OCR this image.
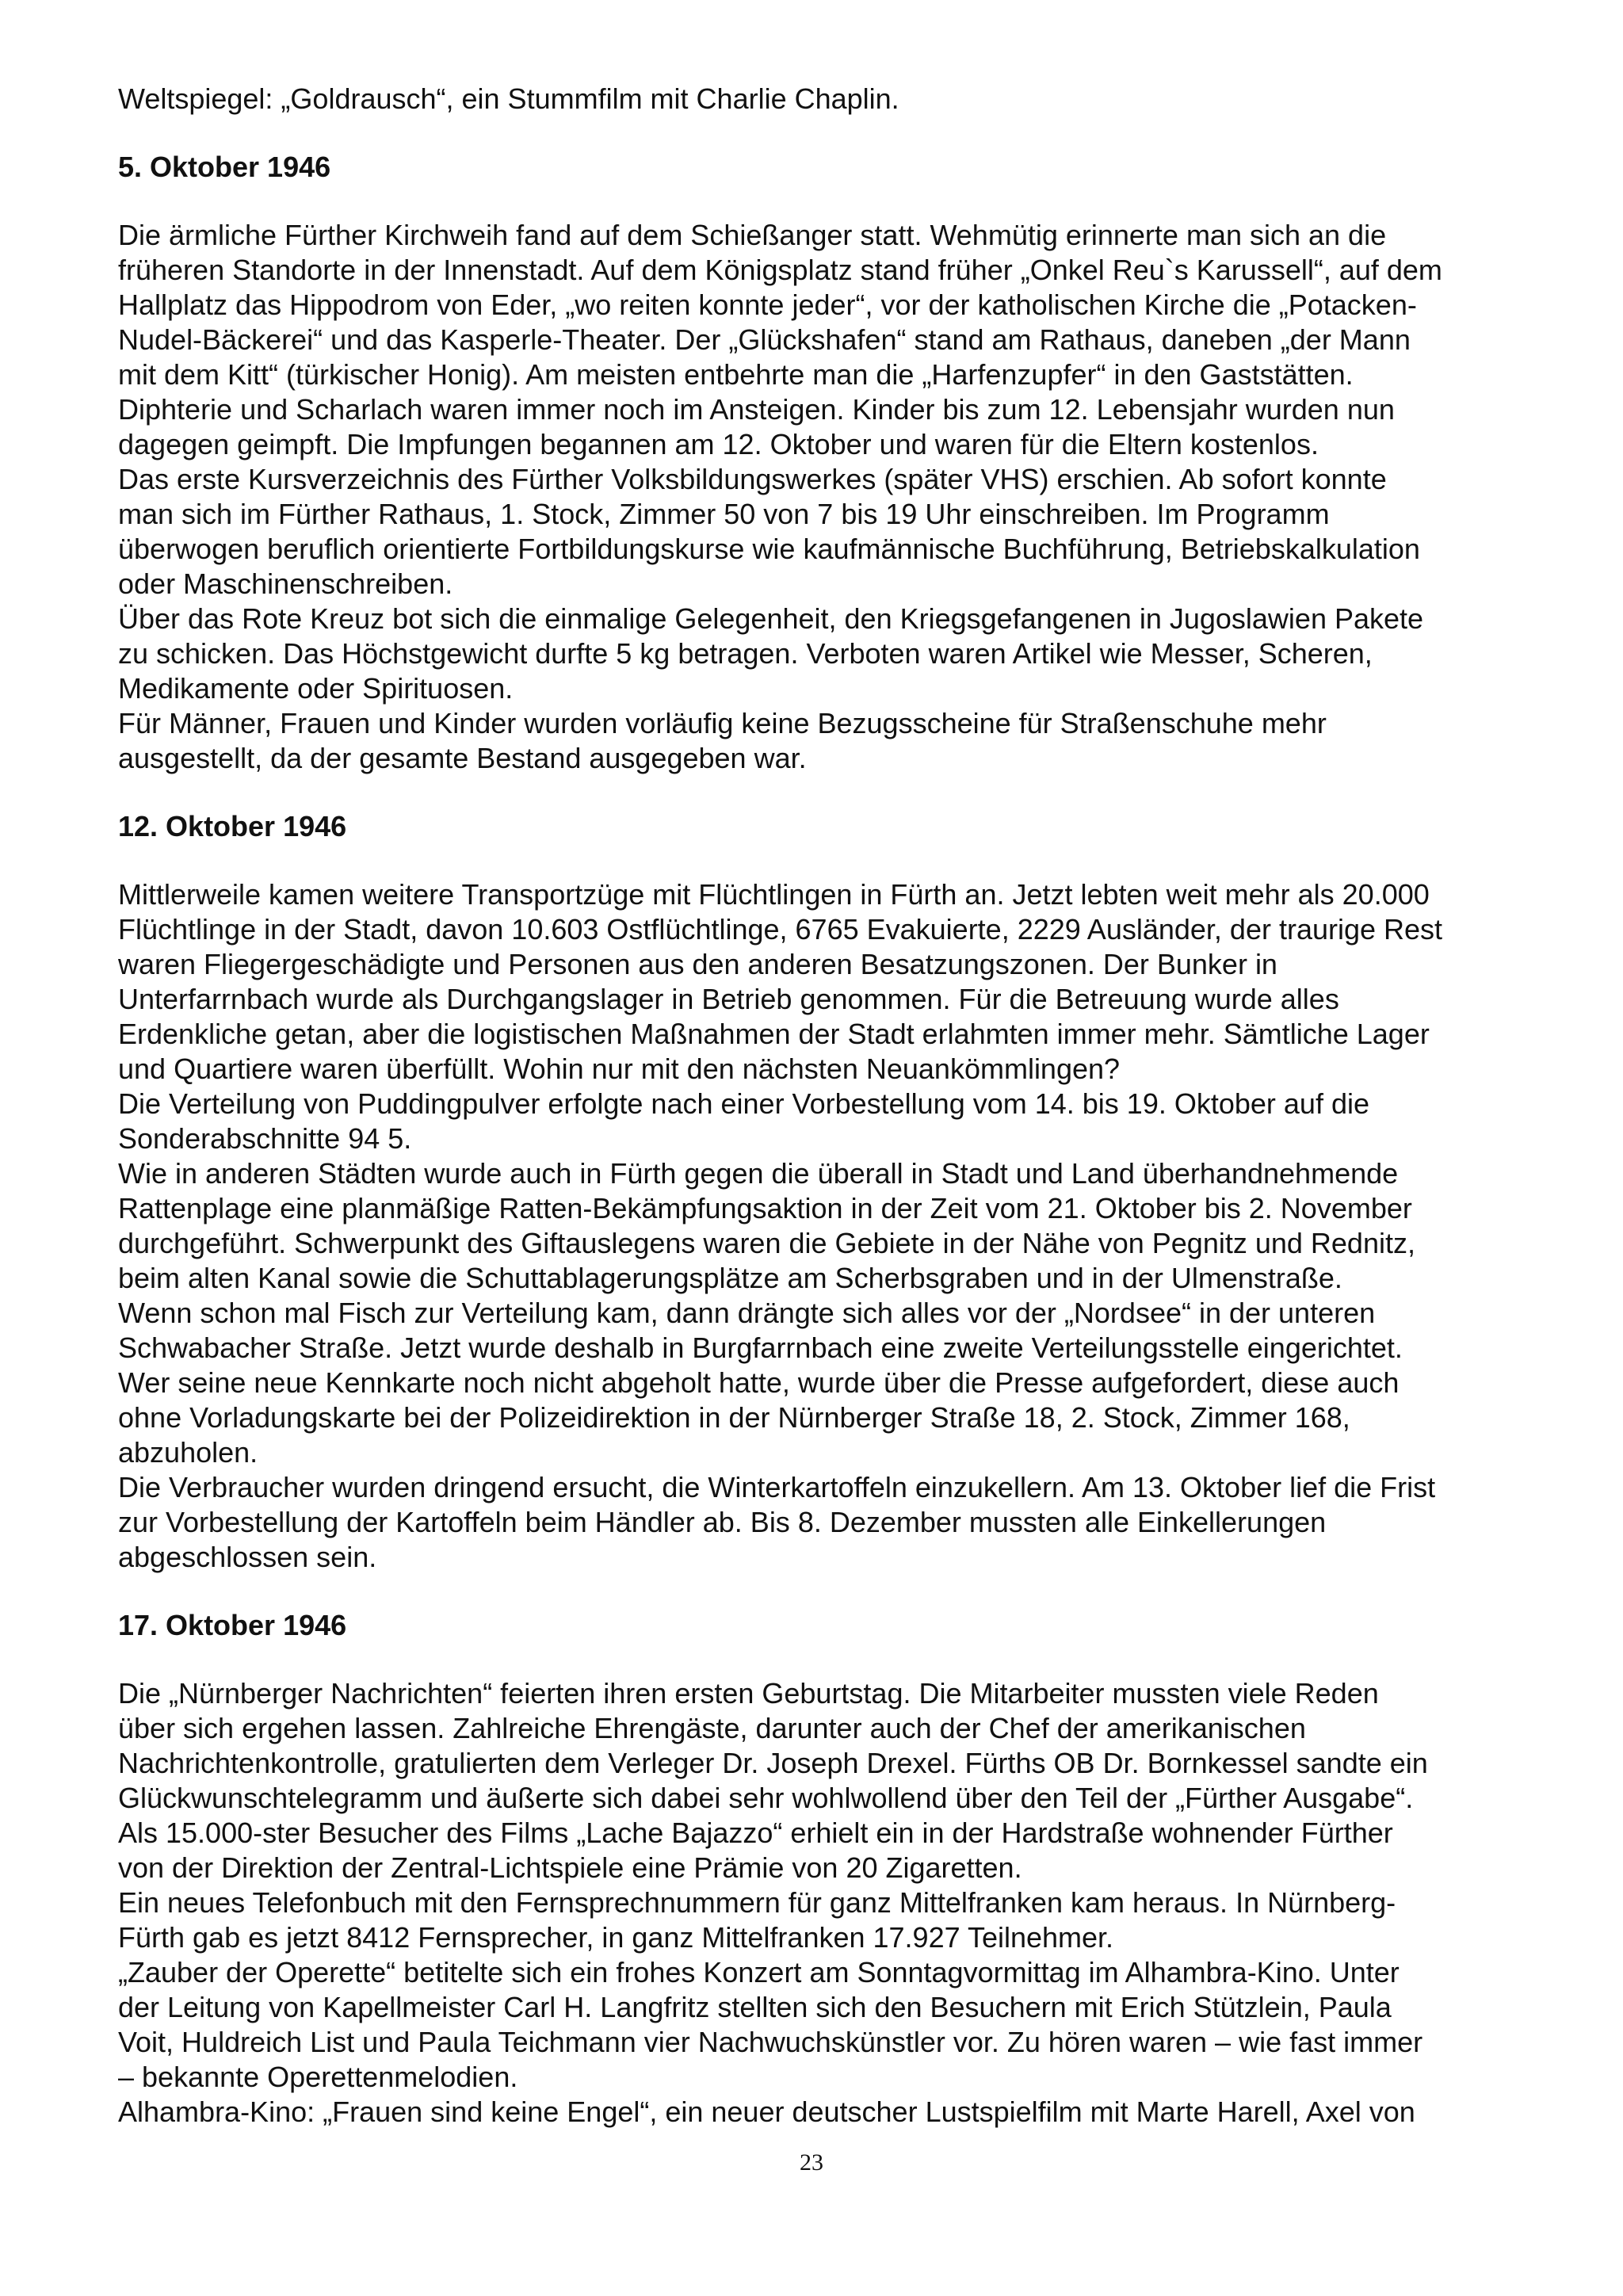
Weltspiegel: „Goldrausch“, ein Stummfilm mit Charlie Chaplin.
5. Oktober 1946
Die ärmliche Fürther Kirchweih fand auf dem Schießanger statt. Wehmütig erinnerte man sich an die
früheren Standorte in der Innenstadt. Auf dem Königsplatz stand früher „Onkel Reu`s Karussell“, auf dem
Hallplatz das Hippodrom von Eder, „wo reiten konnte jeder“, vor der katholischen Kirche die „Potacken-
Nudel-Bäckerei“ und das Kasperle-Theater. Der „Glückshafen“ stand am Rathaus, daneben „der Mann
mit dem Kitt“ (türkischer Honig). Am meisten entbehrte man die „Harfenzupfer“ in den Gaststätten.
Diphterie und Scharlach waren immer noch im Ansteigen. Kinder bis zum 12. Lebensjahr wurden nun
dagegen geimpft. Die Impfungen begannen am 12. Oktober und waren für die Eltern kostenlos.
Das erste Kursverzeichnis des Fürther Volksbildungswerkes (später VHS) erschien. Ab sofort konnte
man sich im Fürther Rathaus, 1. Stock, Zimmer 50 von 7 bis 19 Uhr einschreiben. Im Programm
überwogen beruflich orientierte Fortbildungskurse wie kaufmännische Buchführung, Betriebskalkulation
oder Maschinenschreiben.
Über das Rote Kreuz bot sich die einmalige Gelegenheit, den Kriegsgefangenen in Jugoslawien Pakete
zu schicken. Das Höchstgewicht durfte 5 kg betragen. Verboten waren Artikel wie Messer, Scheren,
Medikamente oder Spirituosen.
Für Männer, Frauen und Kinder wurden vorläufig keine Bezugsscheine für Straßenschuhe mehr
ausgestellt, da der gesamte Bestand ausgegeben war.
12. Oktober 1946
Mittlerweile kamen weitere Transportzüge mit Flüchtlingen in Fürth an. Jetzt lebten weit mehr als 20.000
Flüchtlinge in der Stadt, davon 10.603 Ostflüchtlinge, 6765 Evakuierte, 2229 Ausländer, der traurige Rest
waren Fliegergeschädigte und Personen aus den anderen Besatzungszonen. Der Bunker in
Unterfarrnbach wurde als Durchgangslager in Betrieb genommen. Für die Betreuung wurde alles
Erdenkliche getan, aber die logistischen Maßnahmen der Stadt erlahmten immer mehr. Sämtliche Lager
und Quartiere waren überfüllt. Wohin nur mit den nächsten Neuankömmlingen?
Die Verteilung von Puddingpulver erfolgte nach einer Vorbestellung vom 14. bis 19. Oktober auf die
Sonderabschnitte 94 5.
Wie in anderen Städten wurde auch in Fürth gegen die überall in Stadt und Land überhandnehmende
Rattenplage eine planmäßige Ratten-Bekämpfungsaktion in der Zeit vom 21. Oktober bis 2. November
durchgeführt. Schwerpunkt des Giftauslegens waren die Gebiete in der Nähe von Pegnitz und Rednitz,
beim alten Kanal sowie die Schuttablagerungsplätze am Scherbsgraben und in der Ulmenstraße.
Wenn schon mal Fisch zur Verteilung kam, dann drängte sich alles vor der „Nordsee“ in der unteren
Schwabacher Straße. Jetzt wurde deshalb in Burgfarrnbach eine zweite Verteilungsstelle eingerichtet.
Wer seine neue Kennkarte noch nicht abgeholt hatte, wurde über die Presse aufgefordert, diese auch
ohne Vorladungskarte bei der Polizeidirektion in der Nürnberger Straße 18, 2. Stock, Zimmer 168,
abzuholen.
Die Verbraucher wurden dringend ersucht, die Winterkartoffeln einzukellern. Am 13. Oktober lief die Frist
zur Vorbestellung der Kartoffeln beim Händler ab. Bis 8. Dezember mussten alle Einkellerungen
abgeschlossen sein.
17. Oktober 1946
Die „Nürnberger Nachrichten“ feierten ihren ersten Geburtstag. Die Mitarbeiter mussten viele Reden
über sich ergehen lassen. Zahlreiche Ehrengäste, darunter auch der Chef der amerikanischen
Nachrichtenkontrolle, gratulierten dem Verleger Dr. Joseph Drexel. Fürths OB Dr. Bornkessel sandte ein
Glückwunschtelegramm und äußerte sich dabei sehr wohlwollend über den Teil der „Fürther Ausgabe“.
Als 15.000-ster Besucher des Films „Lache Bajazzo“ erhielt ein in der Hardstraße wohnender Fürther
von der Direktion der Zentral-Lichtspiele eine Prämie von 20 Zigaretten.
Ein neues Telefonbuch mit den Fernsprechnummern für ganz Mittelfranken kam heraus. In Nürnberg-
Fürth gab es jetzt 8412 Fernsprecher, in ganz Mittelfranken 17.927 Teilnehmer.
„Zauber der Operette“ betitelte sich ein frohes Konzert am Sonntagvormittag im Alhambra-Kino. Unter
der Leitung von Kapellmeister Carl H. Langfritz stellten sich den Besuchern mit Erich Stützlein, Paula
Voit, Huldreich List und Paula Teichmann vier Nachwuchskünstler vor. Zu hören waren – wie fast immer
– bekannte Operettenmelodien.
Alhambra-Kino: „Frauen sind keine Engel“, ein neuer deutscher Lustspielfilm mit Marte Harell, Axel von
23
